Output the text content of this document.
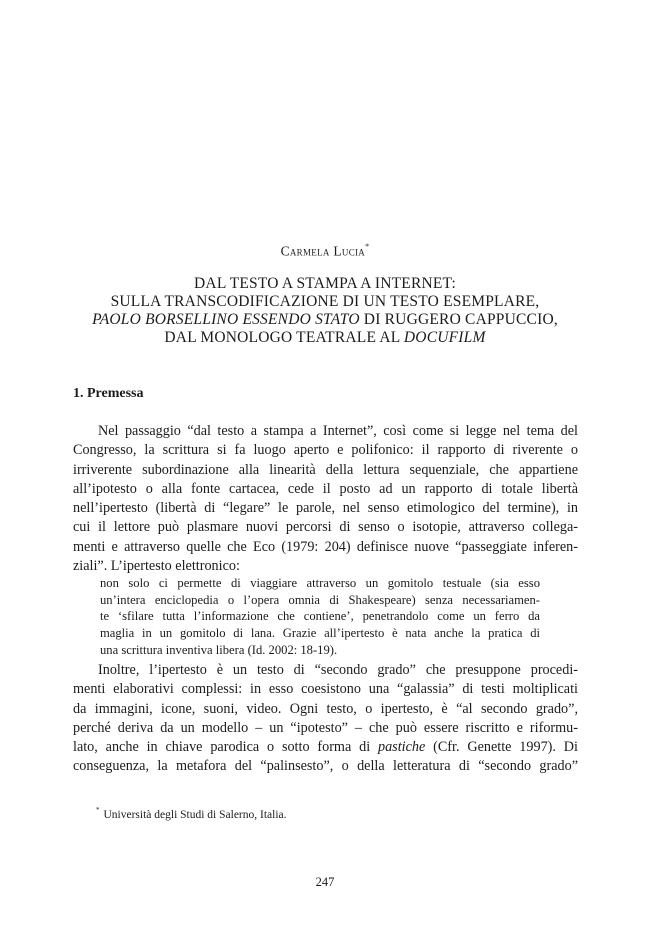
Carmela Lucia*
DAL TESTO A STAMPA A INTERNET:
SULLA TRANSCODIFICAZIONE DI UN TESTO ESEMPLARE,
PAOLO BORSELLINO ESSENDO STATO DI RUGGERO CAPPUCCIO,
DAL MONOLOGO TEATRALE AL DOCUFILM
1. Premessa
Nel passaggio “dal testo a stampa a Internet”, così come si legge nel tema del
Congresso, la scrittura si fa luogo aperto e polifonico: il rapporto di riverente o
irriverente subordinazione alla linearità della lettura sequenziale, che appartiene
all’ipotesto o alla fonte cartacea, cede il posto ad un rapporto di totale libertà
nell’ipertesto (libertà di “legare” le parole, nel senso etimologico del termine), in
cui il lettore può plasmare nuovi percorsi di senso o isotopie, attraverso collega-
menti e attraverso quelle che Eco (1979: 204) definisce nuove “passeggiate inferen-
ziali”. L’ipertesto elettronico:
non solo ci permette di viaggiare attraverso un gomitolo testuale (sia esso
un’intera enciclopedia o l’opera omnia di Shakespeare) senza necessariamen-
te ‘sfilare tutta l’informazione che contiene’, penetrandolo come un ferro da
maglia in un gomitolo di lana. Grazie all’ipertesto è nata anche la pratica di
una scrittura inventiva libera (Id. 2002: 18-19).
Inoltre, l’ipertesto è un testo di “secondo grado” che presuppone procedi-
menti elaborativi complessi: in esso coesistono una “galassia” di testi moltiplicati
da immagini, icone, suoni, video. Ogni testo, o ipertesto, è “al secondo grado”,
perché deriva da un modello – un “ipotesto” – che può essere riscritto e riformu-
lato, anche in chiave parodica o sotto forma di pastiche (Cfr. Genette 1997). Di
conseguenza, la metafora del “palinsesto”, o della letteratura di “secondo grado”
* Università degli Studi di Salerno, Italia.
247
